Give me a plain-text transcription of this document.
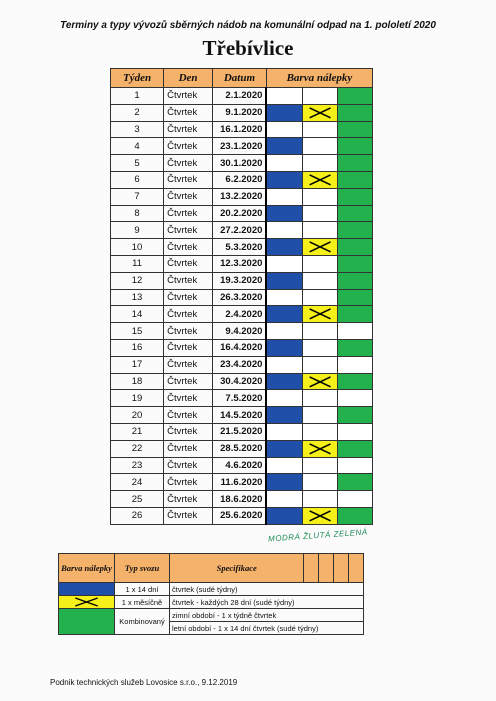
Terminy a typy vývozů sběrných nádob na komunální odpad na 1. pololetí 2020
Třebívlice
Týden	Den	Datum	Barva nálepky		
1	Čtvrtek	2.1.2020			
2	Čtvrtek	9.1.2020		

3	Čtvrtek	16.1.2020			
4	Čtvrtek	23.1.2020			
5	Čtvrtek	30.1.2020			
6	Čtvrtek	6.2.2020		

7	Čtvrtek	13.2.2020			
8	Čtvrtek	20.2.2020			
9	Čtvrtek	27.2.2020			
10	Čtvrtek	5.3.2020		

11	Čtvrtek	12.3.2020			
12	Čtvrtek	19.3.2020			
13	Čtvrtek	26.3.2020			
14	Čtvrtek	2.4.2020		

15	Čtvrtek	9.4.2020			
16	Čtvrtek	16.4.2020			
17	Čtvrtek	23.4.2020			
18	Čtvrtek	30.4.2020		

19	Čtvrtek	7.5.2020			
20	Čtvrtek	14.5.2020			
21	Čtvrtek	21.5.2020			
22	Čtvrtek	28.5.2020		

23	Čtvrtek	4.6.2020			
24	Čtvrtek	11.6.2020			
25	Čtvrtek	18.6.2020			
26	Čtvrtek	25.6.2020		

MODRÁ ŽLUTÁ ZELENÁ
Barva nálepky	Typ svozu	Specifikace				
	1 x 14 dní	čtvrtek (sudé týdny)				

	1 x měsíčně	čtvrtek - každých 28 dní (sudé týdny)				
	Kombinovaný	zimní období - 1 x týdně čtvrtek				
		letní období - 1 x 14 dní čtvrtek (sudé týdny)				
Podnik technických služeb Lovosice s.r.o., 9.12.2019
